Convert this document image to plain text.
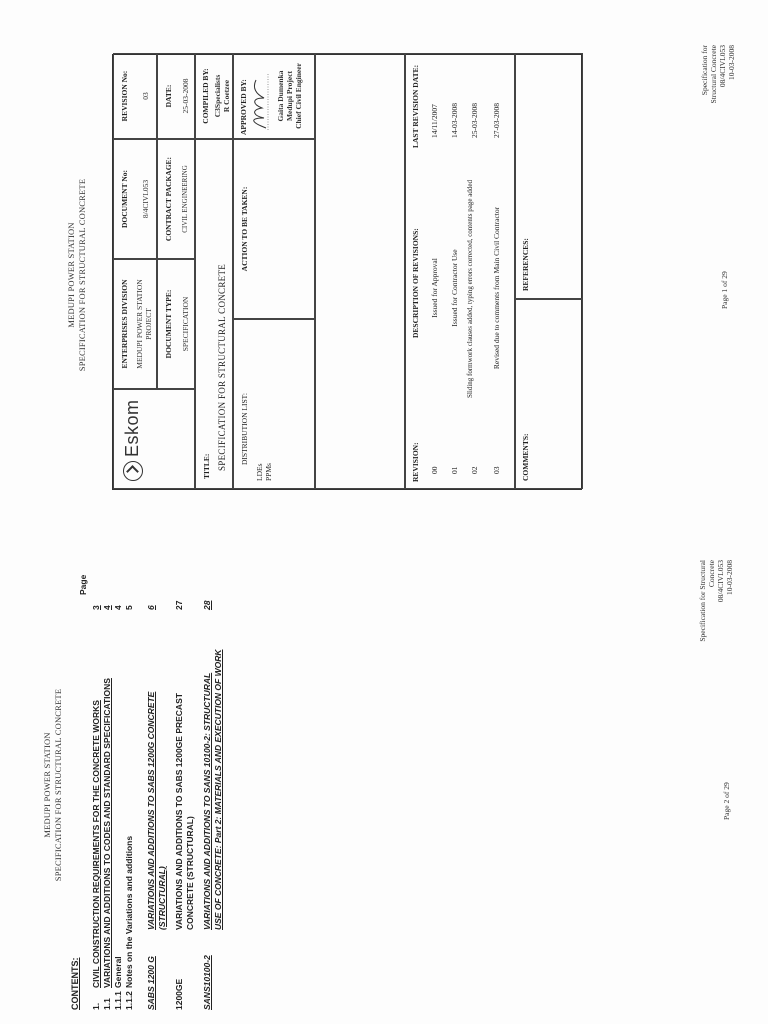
MEDUPI POWER STATION SPECIFICATION FOR STRUCTURAL CONCRETE
Eskom
ENTERPRISES DIVISION MEDUPI POWER STATION PROJECT
DOCUMENT No: 8/4CIVL053
REVISION No: 03
DOCUMENT TYPE: SPECIFICATION
CONTRACT PACKAGE: CIVIL ENGINEERING
DATE: 25-03-2008
TITLE: SPECIFICATION FOR STRUCTURAL CONCRETE
COMPILED BY: C3Specialists R Coetzee
DISTRIBUTION LIST:
LDEs PPMs
ACTION TO BE TAKEN:
APPROVED BY:	Gaita Dumenka Medupi Project Chief Civil Engineer
REVISION:
DESCRIPTION OF REVISIONS:
LAST REVISION DATE:
00
Issued for Approval
14/11/2007
01
Issued for Contractor Use
14-03-2008
02
Sliding formwork clauses added, typing errors corrected, contents page added
25-03-2008
03
Revised due to comments from Main Civil Contractor
27-03-2008
COMMENTS:
REFERENCES:	Page 1 of 29
Specification for Structural Concrete 08/4CIVL053 10-03-2008
MEDUPI POWER STATION SPECIFICATION FOR STRUCTURAL CONCRETE
CONTENTS:
Page
1.
CIVIL CONSTRUCTION REQUIREMENTS FOR THE CONCRETE WORKS
3
1.1
VARIATIONS AND ADDITIONS TO CODES AND STANDARD SPECIFICATIONS
4
1.1.1
General
4
1.1.2
Notes on the Variations and additions
5
SABS 1200 G
VARIATIONS AND ADDITIONS TO SABS 1200G CONCRETE (STRUCTURAL)
6
1200GE
VARIATIONS AND ADDITIONS TO SABS 1200GE PRECAST CONCRETE (STRUCTURAL)
27
SANS10100-2
VARIATIONS AND ADDITIONS TO SANS 10100-2: STRUCTURAL USE OF CONCRETE: Part 2: MATERIALS AND EXECUTION OF WORK
28
Page 2 of 29
Specification for Structural Concrete 08/4CIVL053 10-03-2008
